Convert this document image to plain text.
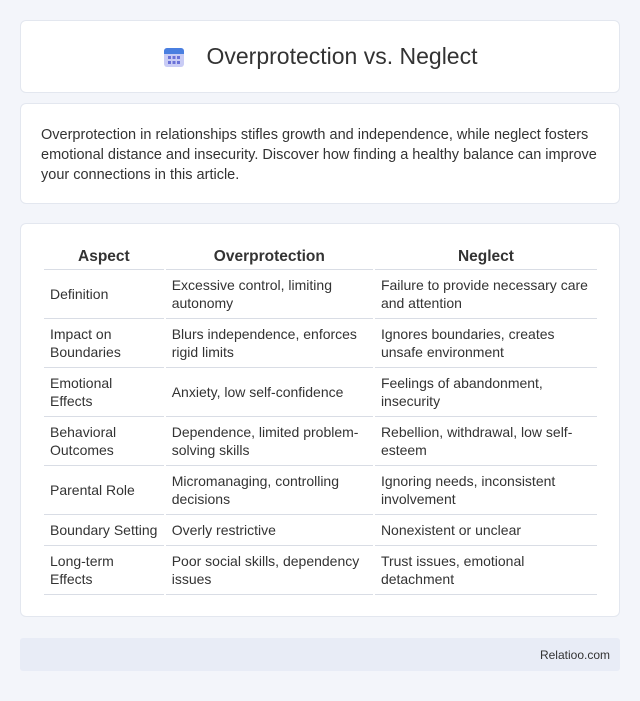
Overprotection vs. Neglect

Overprotection in relationships stifles growth and independence, while neglect fosters emotional distance and insecurity. Discover how finding a healthy balance can improve your connections in this article.

Aspect	Overprotection	Neglect
Definition	Excessive control, limiting autonomy	Failure to provide necessary care and attention
Impact on Boundaries	Blurs independence, enforces rigid limits	Ignores boundaries, creates unsafe environment
Emotional Effects	Anxiety, low self-confidence	Feelings of abandonment, insecurity
Behavioral Outcomes	Dependence, limited problem-solving skills	Rebellion, withdrawal, low self-esteem
Parental Role	Micromanaging, controlling decisions	Ignoring needs, inconsistent involvement
Boundary Setting	Overly restrictive	Nonexistent or unclear
Long-term Effects	Poor social skills, dependency issues	Trust issues, emotional detachment
Relatioo.com
